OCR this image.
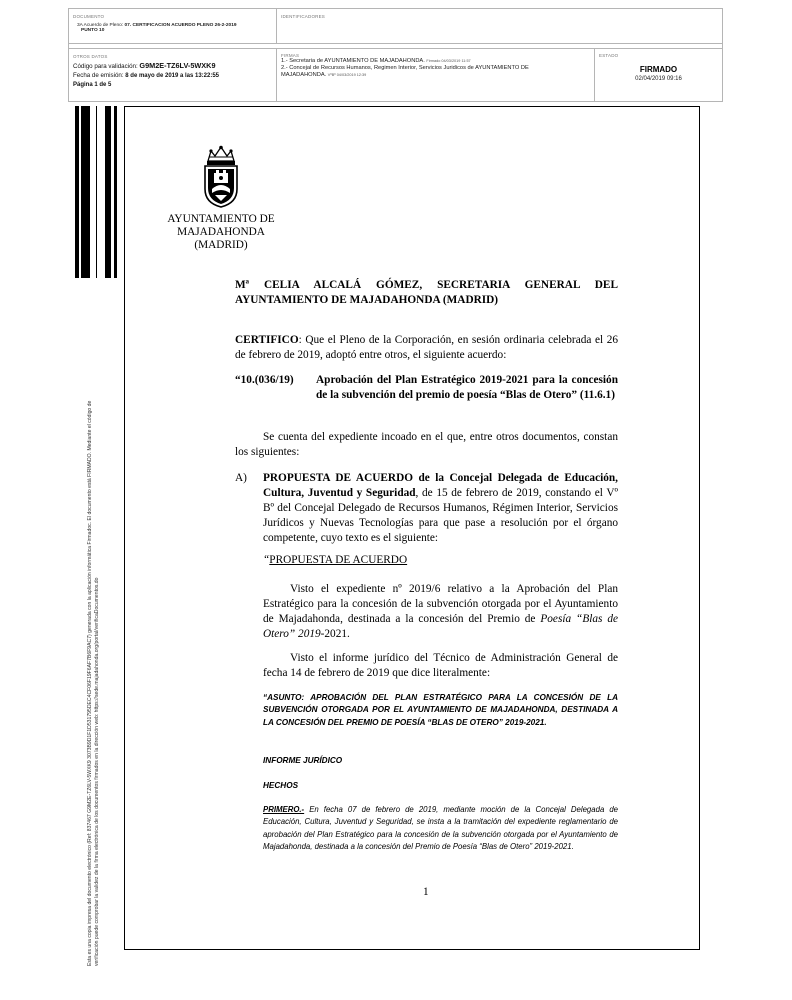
DOCUMENTO
3A Acuerdo de Pleno: 07. CERTIFICACION ACUERDO PLENO 26-2-2019
PUNTO 10
IDENTIFICADORES
OTROS DATOS
Código para validación: G9M2E-TZ6LV-5WXK9
Fecha de emisión: 8 de mayo de 2019 a las 13:22:55
Página 1 de 5
FIRMAS
1.- Secretaria de AYUNTAMIENTO DE MAJADAHONDA. Firmado 04/03/2019 11:57
2.- Concejal de Recursos Humanos, Regimen Interior, Servicios Juridicos de AYUNTAMIENTO DE
MAJADAHONDA. VºBº 04/03/2019 12:39
ESTADO
FIRMADO
02/04/2019 09:16
Esta es una copia impresa del documento electrónico (Ref: 837467 G9M2E-TZ6LV-5WXK9 3073B9D1F1D531795DEC4CF06F19F6AF7B6F9AC7) generada con la aplicación informática Firmadoc. El documento está FIRMADO. Mediante el código de verificación puede comprobar la validez de la firma electrónica de los documentos firmados en la dirección web: https://sede.majadahonda.org/portal/verificaDocumentos.do
AYUNTAMIENTO DE
MAJADAHONDA
(MADRID)
Mª CELIA ALCALÁ GÓMEZ, SECRETARIA GENERAL DEL
AYUNTAMIENTO DE MAJADAHONDA (MADRID)
CERTIFICO: Que el Pleno de la Corporación, en sesión ordinaria celebrada el 26 de febrero de 2019, adoptó entre otros, el siguiente acuerdo:
“10.(036/19)	Aprobación del Plan Estratégico 2019-2021 para la concesión de la subvención del premio de poesía “Blas de Otero” (11.6.1)
Se cuenta del expediente incoado en el que, entre otros documentos, constan los siguientes:
A)	PROPUESTA DE ACUERDO de la Concejal Delegada de Educación, Cultura, Juventud y Seguridad, de 15 de febrero de 2019, constando el Vº Bº del Concejal Delegado de Recursos Humanos, Régimen Interior, Servicios Jurídicos y Nuevas Tecnologías para que pase a resolución por el órgano competente, cuyo texto es el siguiente:
“PROPUESTA DE ACUERDO
Visto el expediente nº 2019/6 relativo a la Aprobación del Plan Estratégico para la concesión de la subvención otorgada por el Ayuntamiento de Majadahonda, destinada a la concesión del Premio de Poesía “Blas de Otero” 2019-2021.
Visto el informe jurídico del Técnico de Administración General de fecha 14 de febrero de 2019 que dice literalmente:
“ASUNTO: APROBACIÓN DEL PLAN ESTRATÉGICO PARA LA CONCESIÓN DE LA SUBVENCIÓN OTORGADA POR EL AYUNTAMIENTO DE MAJADAHONDA, DESTINADA A LA CONCESIÓN DEL PREMIO DE POESÍA “BLAS DE OTERO” 2019-2021.
INFORME JURÍDICO
HECHOS
PRIMERO.- En fecha 07 de febrero de 2019, mediante moción de la Concejal Delegada de Educación, Cultura, Juventud y Seguridad, se insta a la tramitación del expediente reglamentario de aprobación del Plan Estratégico para la concesión de la subvención otorgada por el Ayuntamiento de Majadahonda, destinada a la concesión del Premio de Poesía “Blas de Otero” 2019-2021.
1
